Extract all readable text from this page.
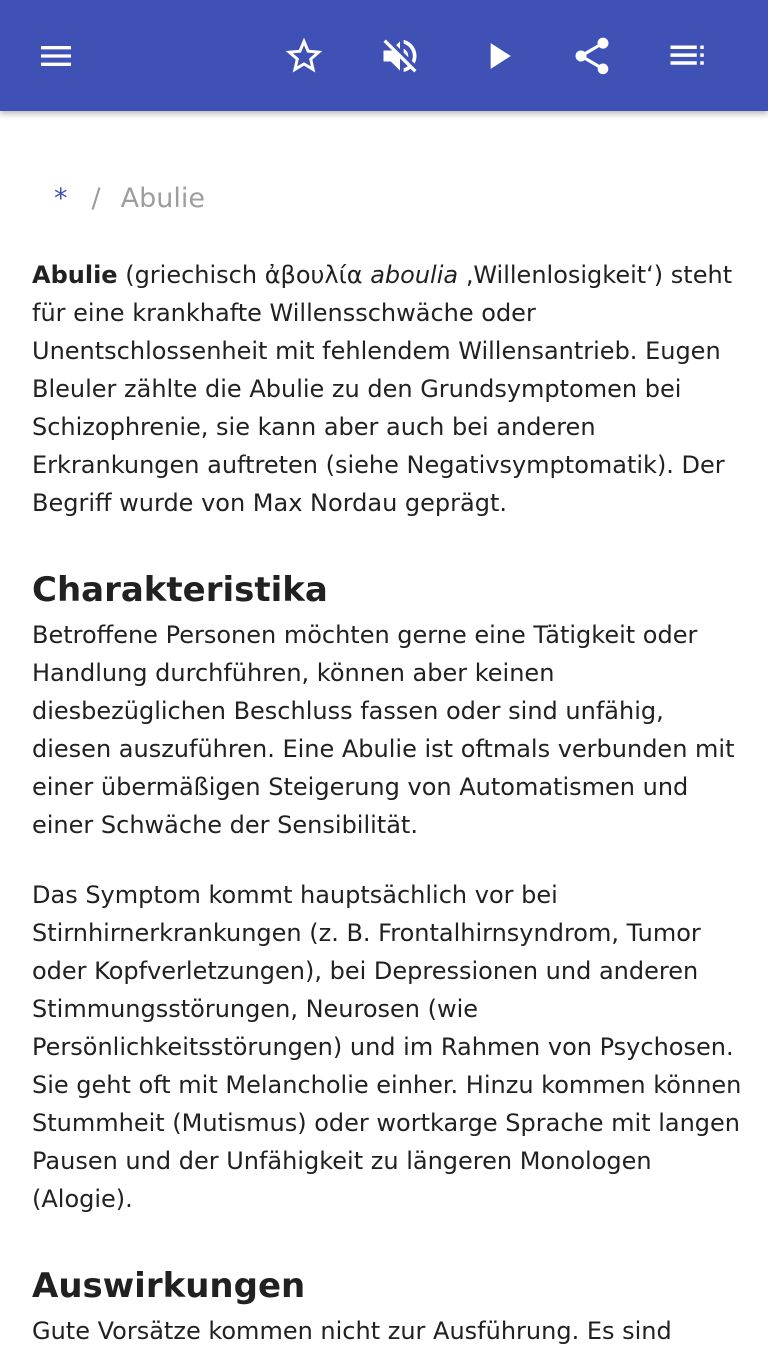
* / Abulie

Abulie (griechisch ἀβουλία aboulia ‚Willenlosigkeit‘) steht für eine krankhafte Willensschwäche oder Unentschlossenheit mit fehlendem Willensantrieb. Eugen Bleuler zählte die Abulie zu den Grundsymptomen bei Schizophrenie, sie kann aber auch bei anderen Erkrankungen auftreten (siehe Negativsymptomatik). Der Begriff wurde von Max Nordau geprägt.

Charakteristika

Betroffene Personen möchten gerne eine Tätigkeit oder Handlung durchführen, können aber keinen diesbezüglichen Beschluss fassen oder sind unfähig, diesen auszuführen. Eine Abulie ist oftmals verbunden mit einer übermäßigen Steigerung von Automatismen und einer Schwäche der Sensibilität.

Das Symptom kommt hauptsächlich vor bei Stirnhirnerkrankungen (z. B. Frontalhirnsyndrom, Tumor oder Kopfverletzungen), bei Depressionen und anderen Stimmungsstörungen, Neurosen (wie Persönlichkeitsstörungen) und im Rahmen von Psychosen. Sie geht oft mit Melancholie einher. Hinzu kommen können Stummheit (Mutismus) oder wortkarge Sprache mit langen Pausen und der Unfähigkeit zu längeren Monologen (Alogie).

Auswirkungen

Gute Vorsätze kommen nicht zur Ausführung. Es sind
